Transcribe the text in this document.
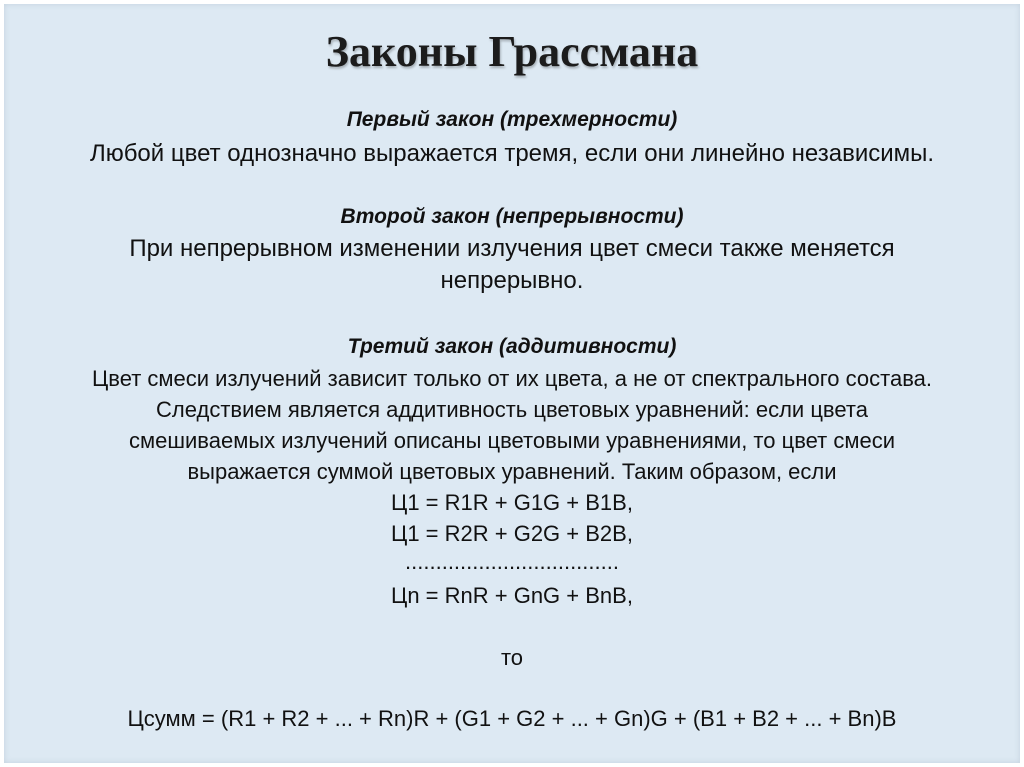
Законы Грассмана
Первый закон (трехмерности)
Любой цвет однозначно выражается тремя, если они линейно независимы.
Второй закон (непрерывности)
При непрерывном изменении излучения цвет смеси также меняется
непрерывно.
Третий закон (аддитивности)
Цвет смеси излучений зависит только от их цвета, а не от спектрального состава.
Следствием является аддитивность цветовых уравнений: если цвета
смешиваемых излучений описаны цветовыми уравнениями, то цвет смеси
выражается суммой цветовых уравнений. Таким образом, если
Ц1 = R1R + G1G + B1B,
Ц1 = R2R + G2G + B2B,
...................................
Цn = RnR + GnG + BnB,
то
Цсумм = (R1 + R2 + ... + Rn)R + (G1 + G2 + ... + Gn)G + (B1 + B2 + ... + Bn)B
